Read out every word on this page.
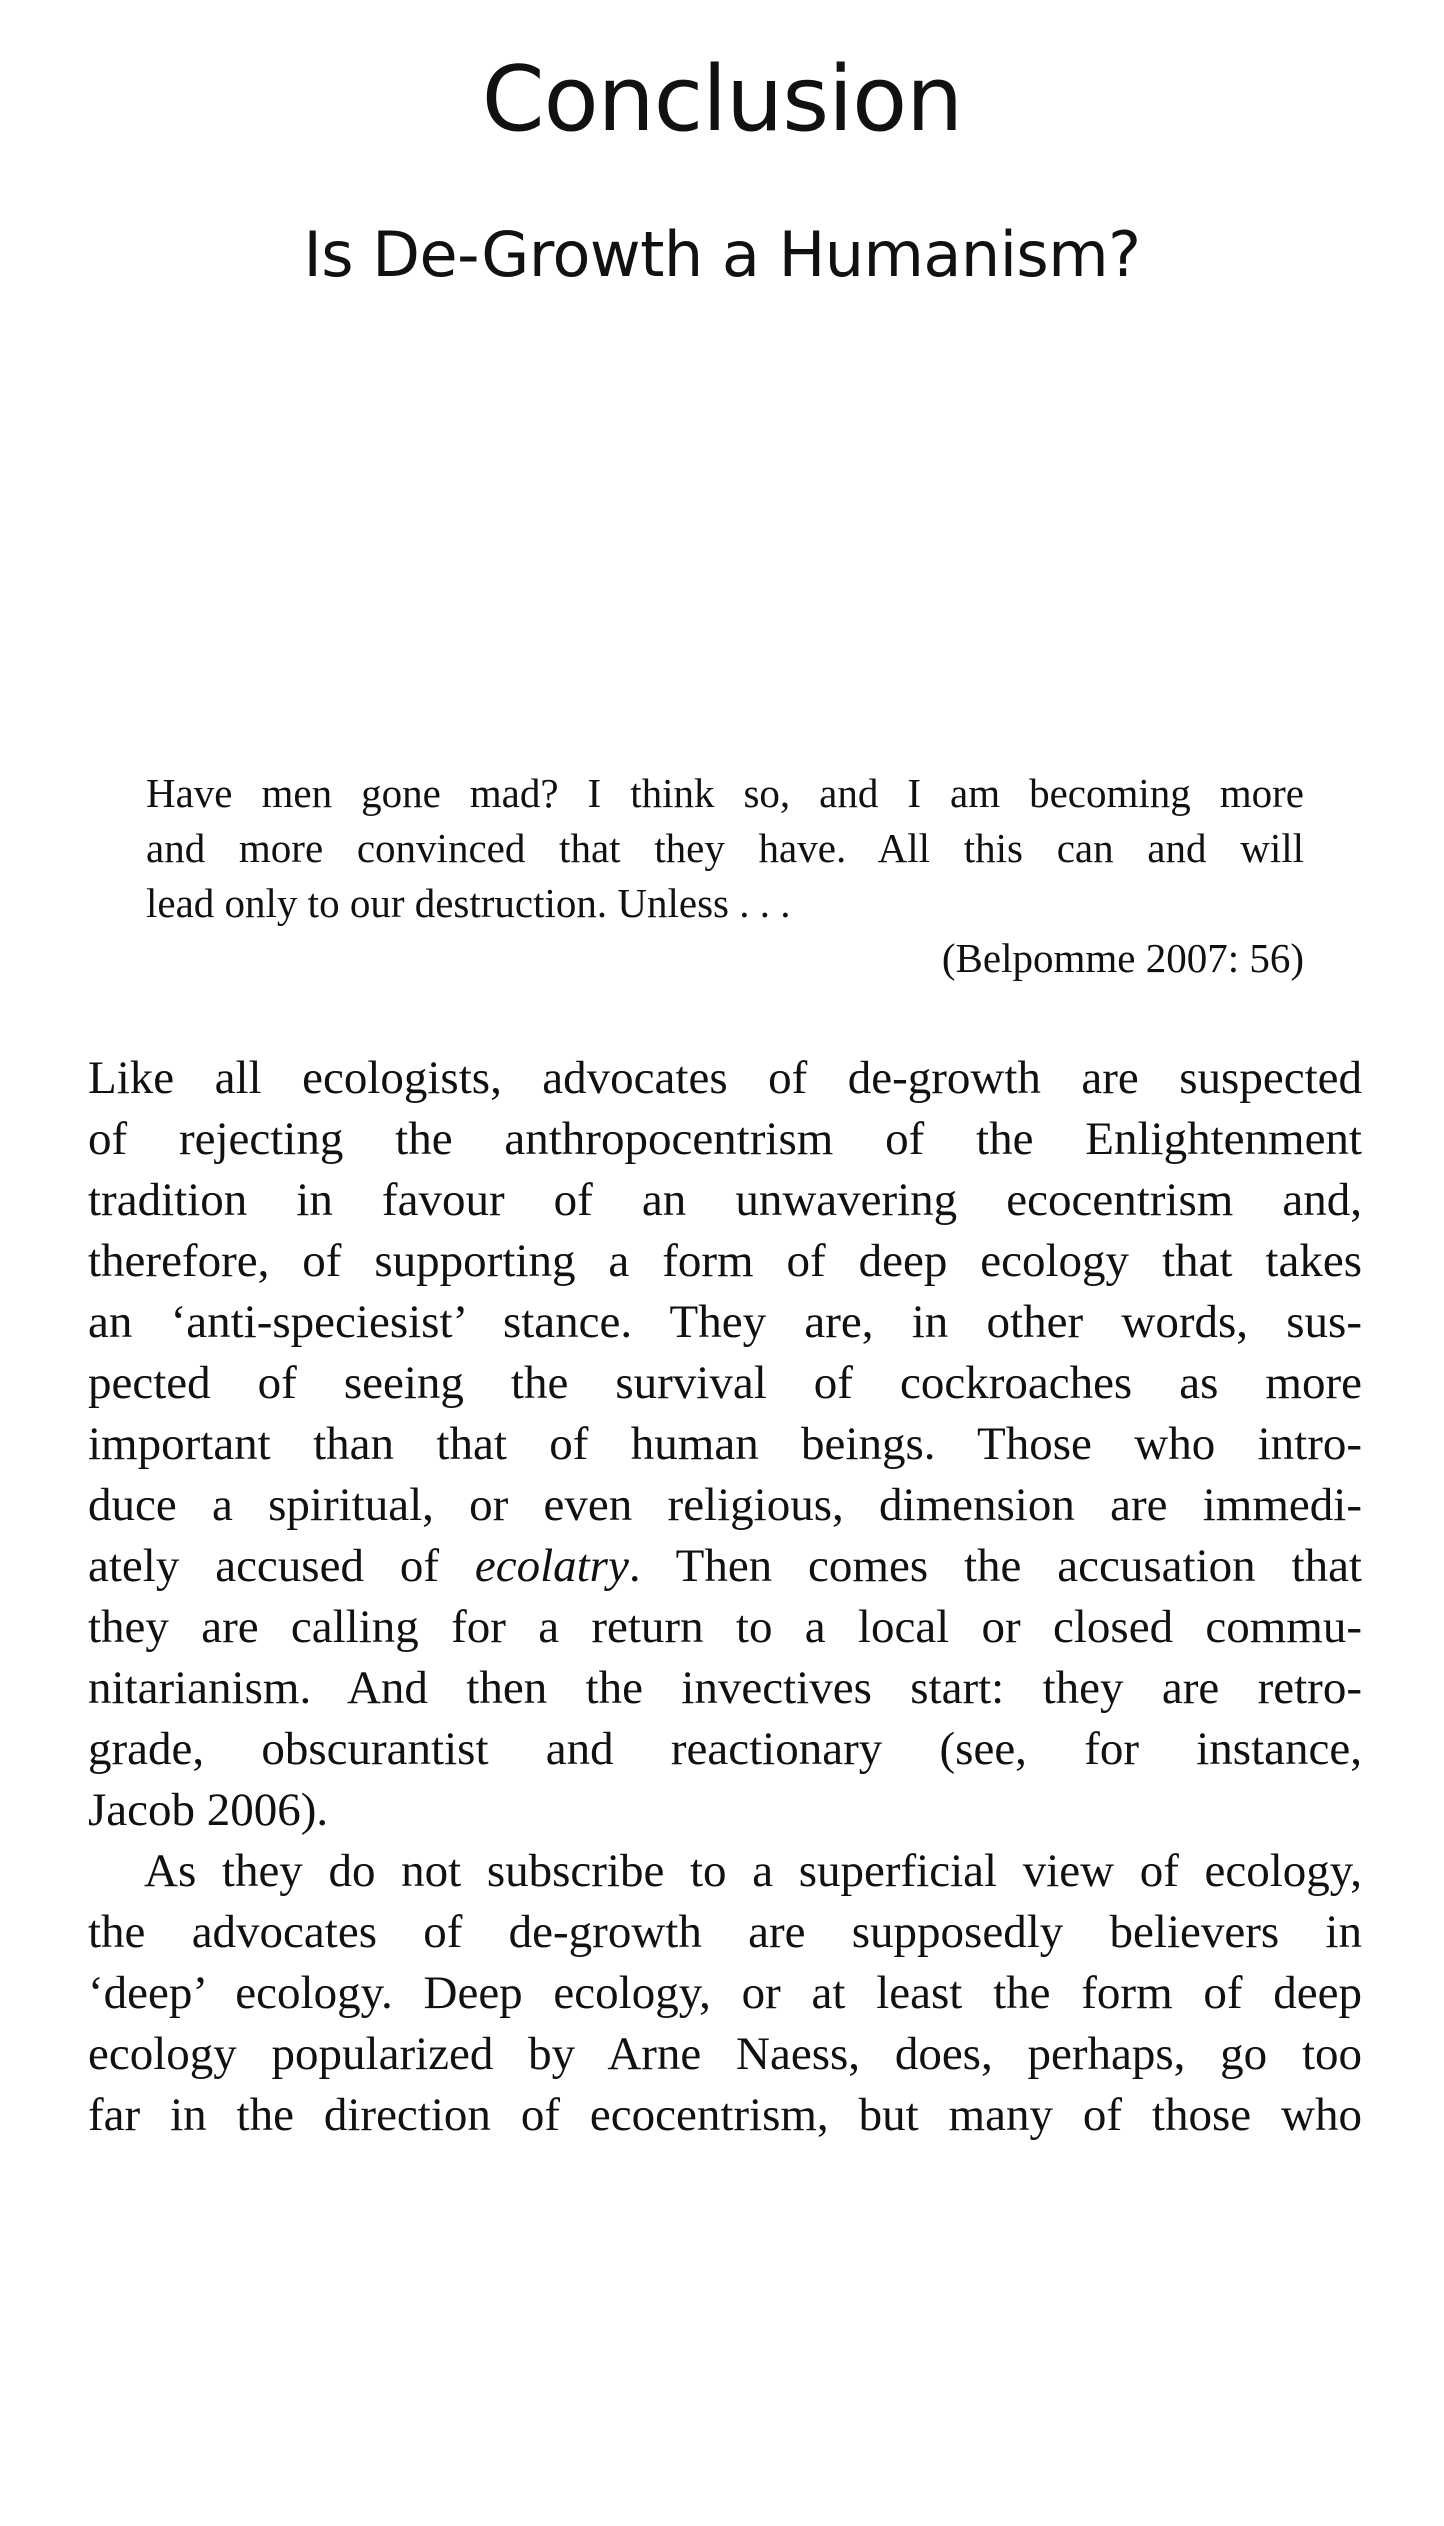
Conclusion
Is De-Growth a Humanism?
Have men gone mad? I think so, and I am becoming more
and more convinced that they have. All this can and will
lead only to our destruction. Unless . . .
(Belpomme 2007: 56)
Like all ecologists, advocates of de-growth are suspected
of rejecting the anthropocentrism of the Enlightenment
tradition in favour of an unwavering ecocentrism and,
therefore, of supporting a form of deep ecology that takes
an ‘anti-speciesist’ stance. They are, in other words, sus-
pected of seeing the survival of cockroaches as more
important than that of human beings. Those who intro-
duce a spiritual, or even religious, dimension are immedi-
ately accused of ecolatry. Then comes the accusation that
they are calling for a return to a local or closed commu-
nitarianism. And then the invectives start: they are retro-
grade, obscurantist and reactionary (see, for instance,
Jacob 2006).
As they do not subscribe to a superficial view of ecology,
the advocates of de-growth are supposedly believers in
‘deep’ ecology. Deep ecology, or at least the form of deep
ecology popularized by Arne Naess, does, perhaps, go too
far in the direction of ecocentrism, but many of those who
